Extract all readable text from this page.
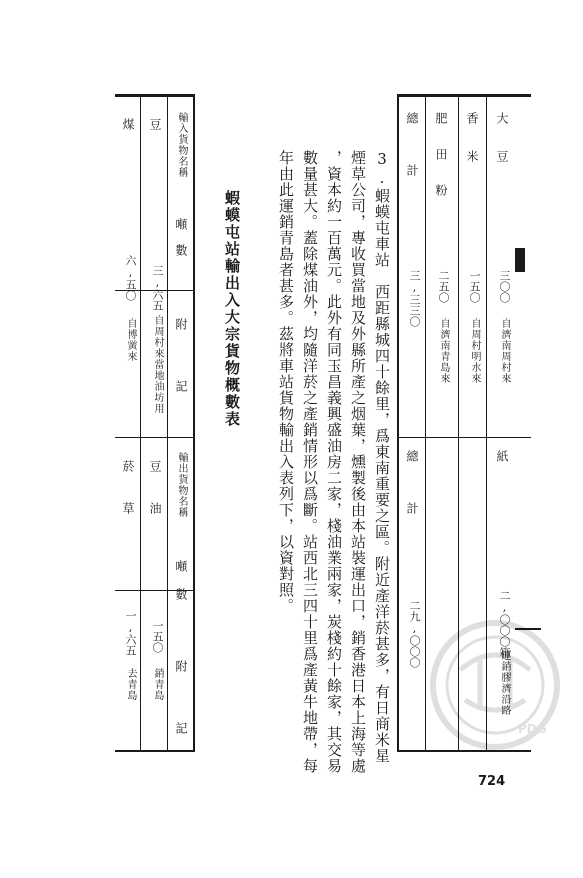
大豆
三〇〇
自濟南周村來
香米
一五〇
自周村明水來
肥田粉
二五〇
自濟南青島來
總計
三,三三〇
紙
二,〇〇〇箱
運銷膠濟沿路
總計
二九,〇〇〇
3.蝦蟆屯車站　西距縣城四十餘里，爲東南重要之區。附近產洋菸甚多，有日商米星
煙草公司，專收買當地及外縣所產之烟葉，燻製後由本站裝運出口，銷香港日本上海等處
，資本約一百萬元。此外有同玉昌義興盛油房二家，棧油業兩家，炭棧約十餘家，其交易
數量甚大。蓋除煤油外，均隨洋菸之產銷情形以爲斷。站西北三四十里爲產黃牛地帶，每
年由此運銷青島者甚多。茲將車站貨物輸出入表列下，以資對照。
蝦蟆屯站輸出入大宗貨物概數表
輸入貨物名稱
噸數
附記
輸出貨物名稱
噸數
附記
豆
三,六五
自周村來當地油坊用
豆油
一五〇
銷青島
煤
六,五〇
自博黉來
菸草
一,六五
去青島
PDG
724
